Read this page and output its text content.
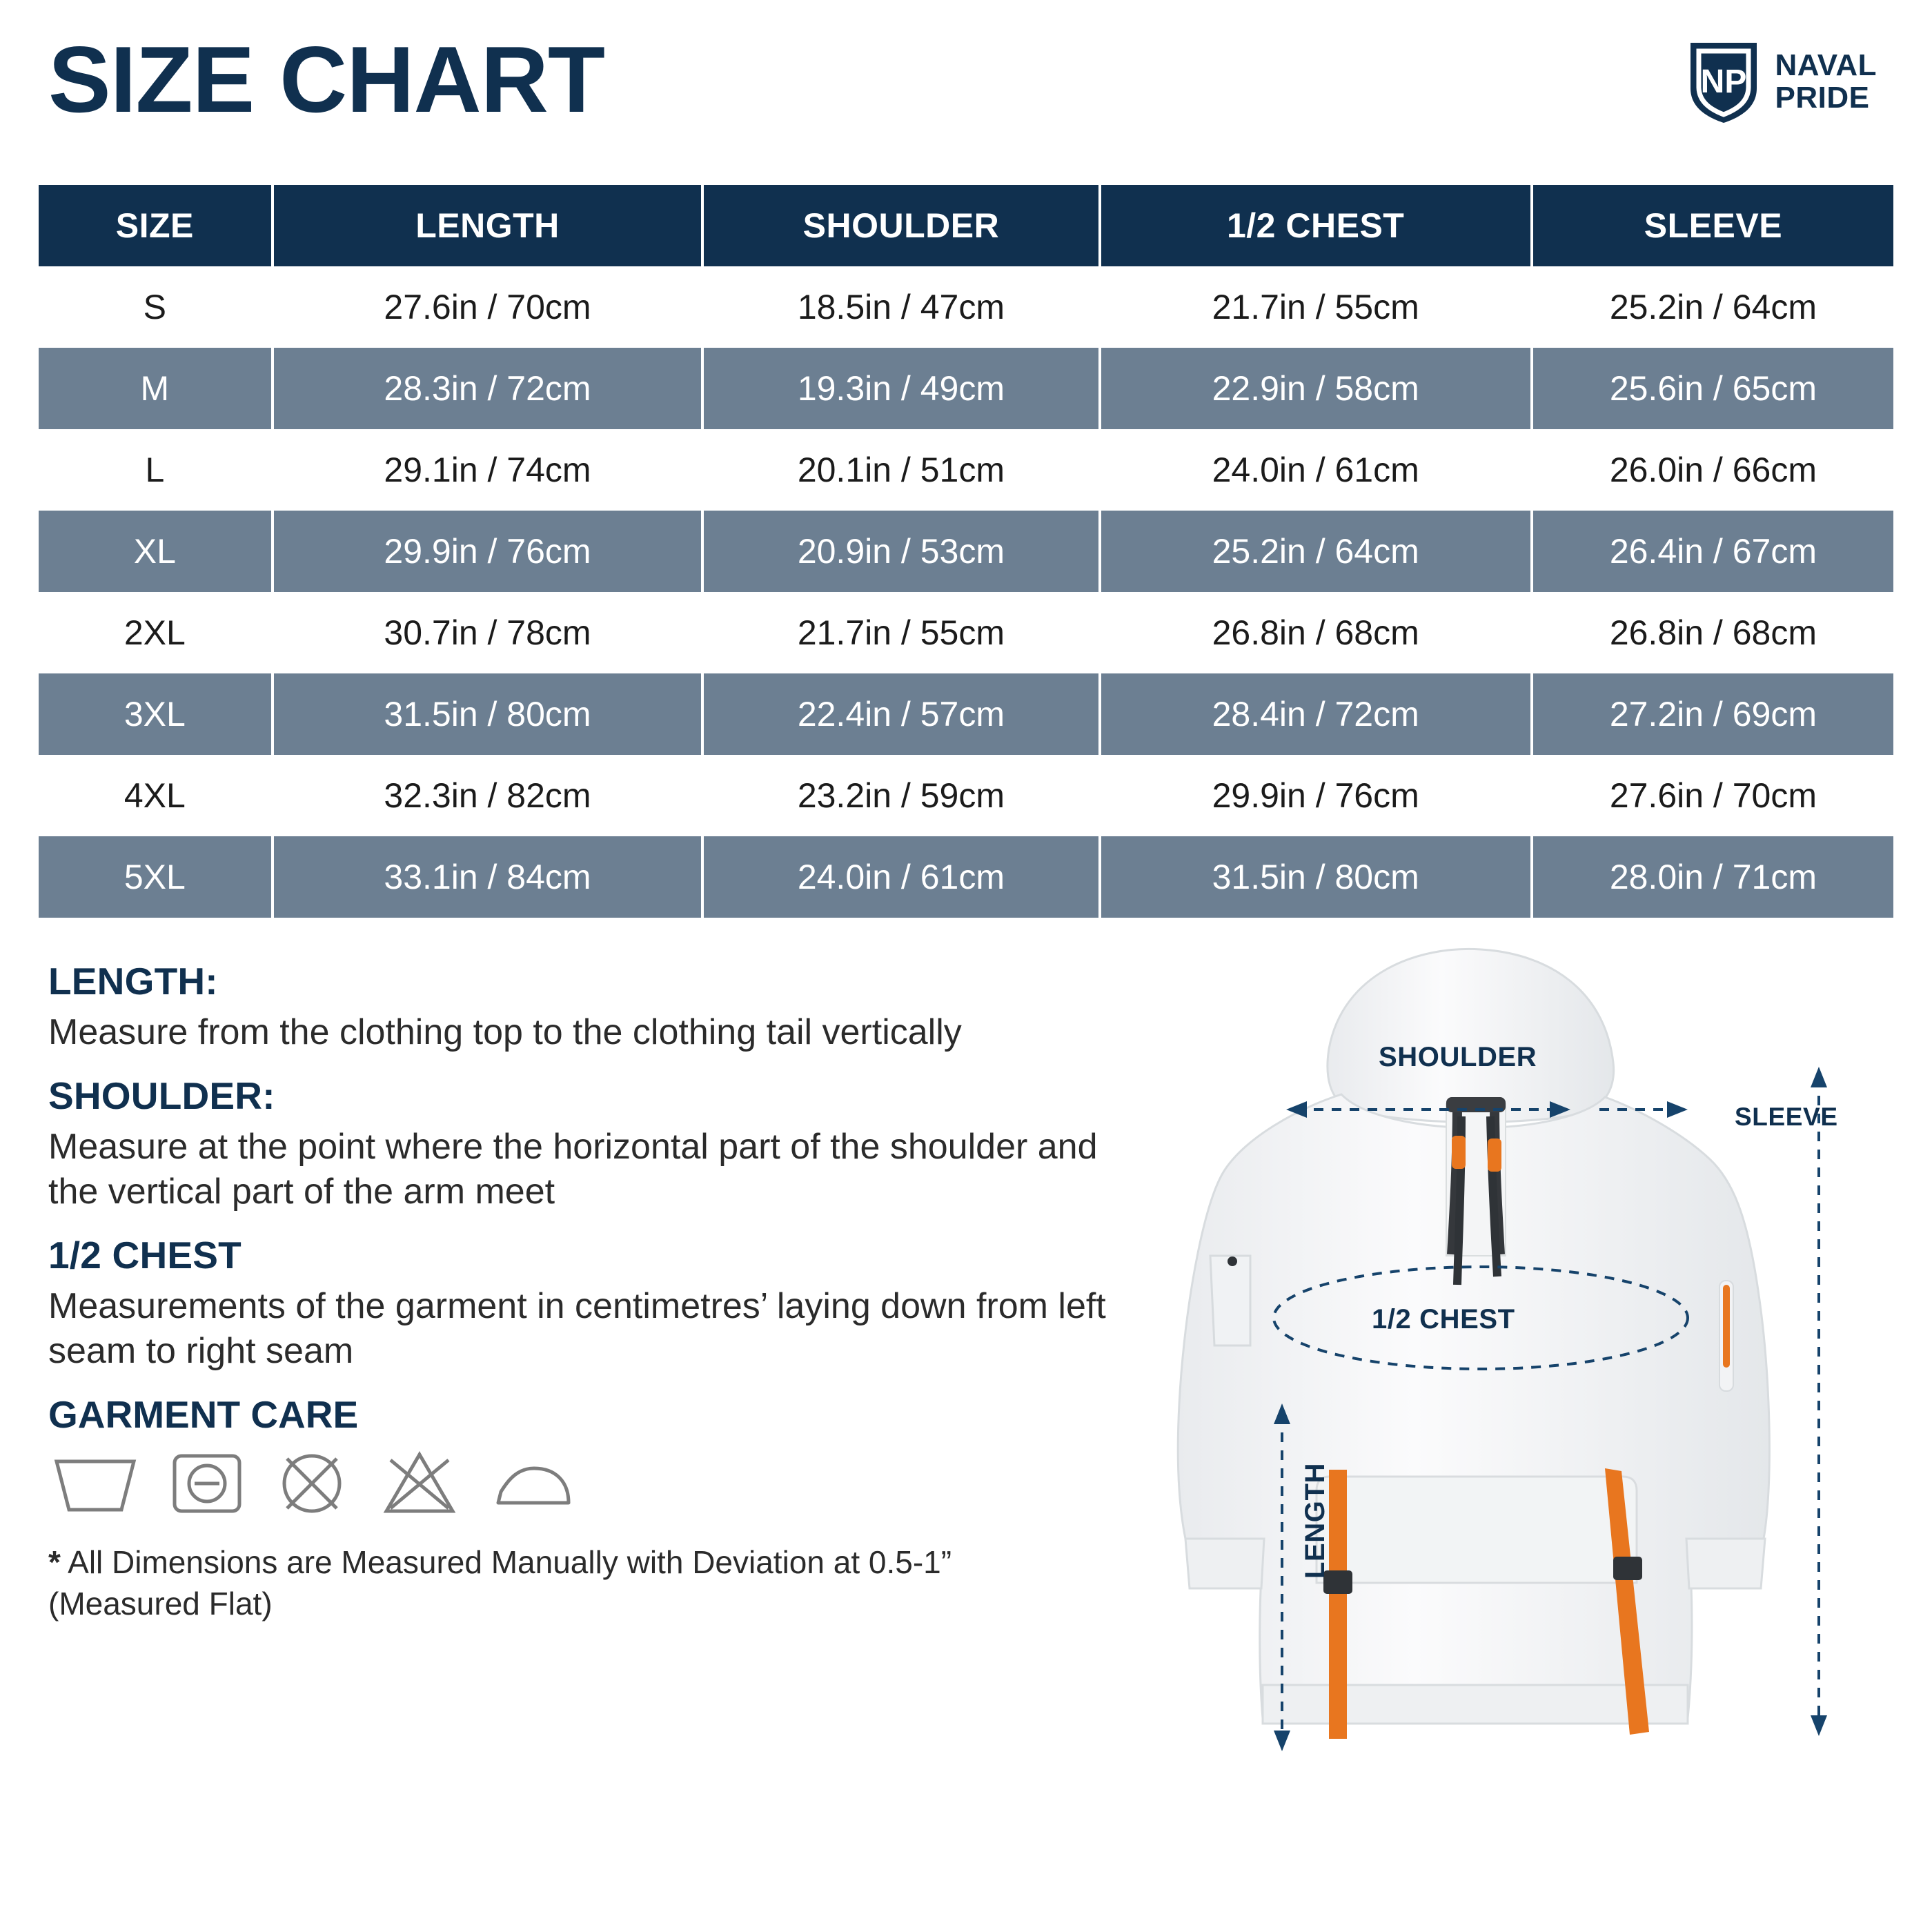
SIZE CHART	NP NAVAL
PRIDE
SIZE	LENGTH	SHOULDER	1/2 CHEST	SLEEVE
S	27.6in / 70cm	18.5in / 47cm	21.7in / 55cm	25.2in / 64cm
M	28.3in / 72cm	19.3in / 49cm	22.9in / 58cm	25.6in / 65cm
L	29.1in / 74cm	20.1in / 51cm	24.0in / 61cm	26.0in / 66cm
XL	29.9in / 76cm	20.9in / 53cm	25.2in / 64cm	26.4in / 67cm
2XL	30.7in / 78cm	21.7in / 55cm	26.8in / 68cm	26.8in / 68cm
3XL	31.5in / 80cm	22.4in / 57cm	28.4in / 72cm	27.2in / 69cm
4XL	32.3in / 82cm	23.2in / 59cm	29.9in / 76cm	27.6in / 70cm
5XL	33.1in / 84cm	24.0in / 61cm	31.5in / 80cm	28.0in / 71cm
LENGTH:

Measure from the clothing top to the clothing tail vertically

SHOULDER:

Measure at the point where the horizontal part of the shoulder and the vertical part of the arm meet

1/2 CHEST

Measurements of the garment in centimetres’ laying down from left seam to right seam

GARMENT CARE
* All Dimensions are Measured Manually with Deviation at 0.5-1” (Measured Flat)
SHOULDER
SLEEVE
1/2 CHEST
LENGTH
